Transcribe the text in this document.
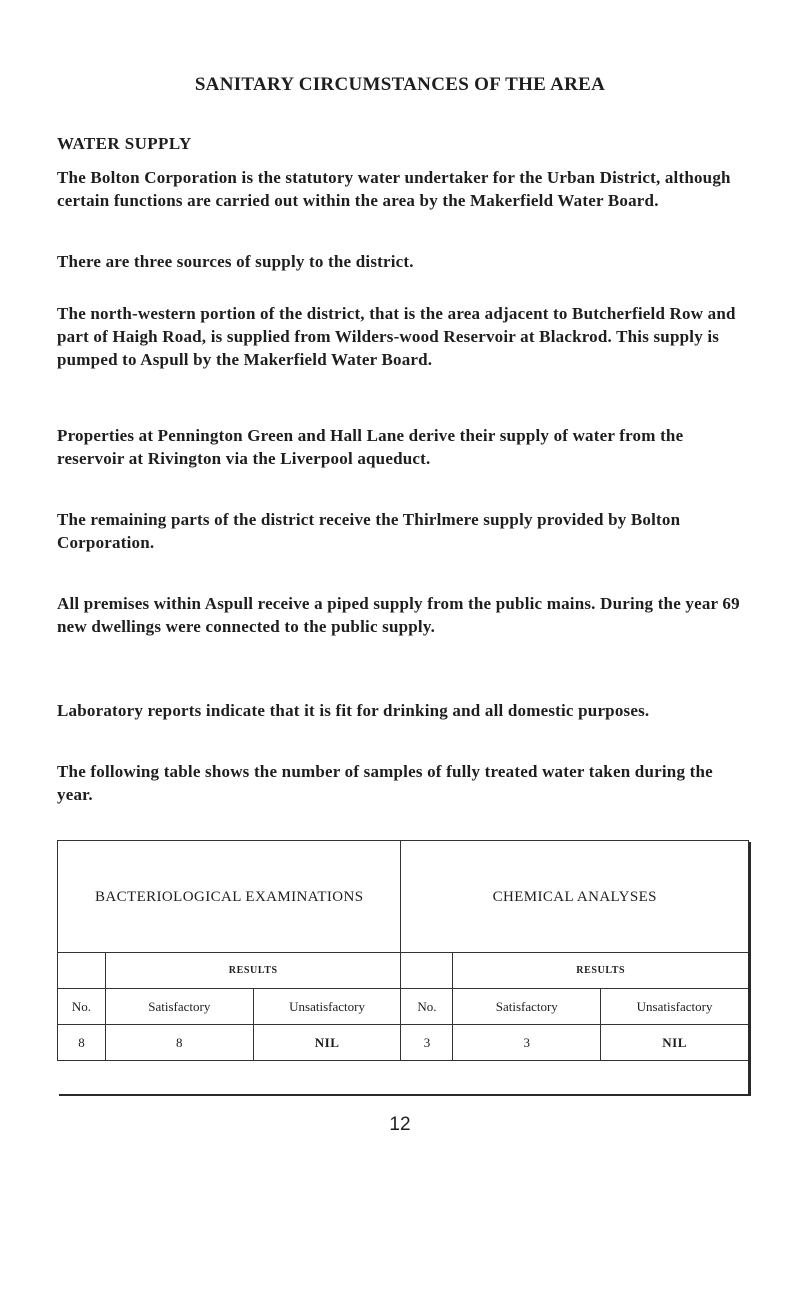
SANITARY CIRCUMSTANCES OF THE AREA
WATER SUPPLY
The Bolton Corporation is the statutory water undertaker for the Urban District, although certain functions are carried out within the area by the Makerfield Water Board.
There are three sources of supply to the district.
The north-western portion of the district, that is the area adjacent to Butcherfield Row and part of Haigh Road, is supplied from Wilders-wood Reservoir at Blackrod. This supply is pumped to Aspull by the Makerfield Water Board.
Properties at Pennington Green and Hall Lane derive their supply of water from the reservoir at Rivington via the Liverpool aqueduct.
The remaining parts of the district receive the Thirlmere supply provided by Bolton Corporation.
All premises within Aspull receive a piped supply from the public mains. During the year 69 new dwellings were connected to the public supply.
Laboratory reports indicate that it is fit for drinking and all domestic purposes.
The following table shows the number of samples of fully treated water taken during the year.
BACTERIOLOGICAL EXAMINATIONS			CHEMICAL ANALYSES		
	RESULTS			RESULTS	
No.	Satisfactory	Unsatisfactory	No.	Satisfactory	Unsatisfactory
8	8	NIL	3	3	NIL
12
